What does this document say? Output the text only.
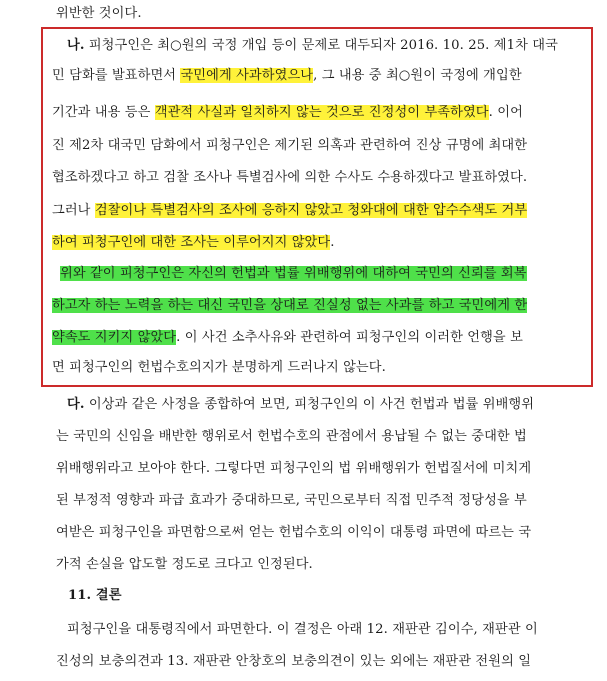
위반한 것이다.
나. 피청구인은 최○원의 국정 개입 등이 문제로 대두되자 2016. 10. 25. 제1차 대국
민 담화를 발표하면서 국민에게 사과하였으나, 그 내용 중 최○원이 국정에 개입한
기간과 내용 등은 객관적 사실과 일치하지 않는 것으로 진정성이 부족하였다. 이어
진 제2차 대국민 담화에서 피청구인은 제기된 의혹과 관련하여 진상 규명에 최대한
협조하겠다고 하고 검찰 조사나 특별검사에 의한 수사도 수용하겠다고 발표하였다.
그러나 검찰이나 특별검사의 조사에 응하지 않았고 청와대에 대한 압수수색도 거부
하여 피청구인에 대한 조사는 이루어지지 않았다.
위와 같이 피청구인은 자신의 헌법과 법률 위배행위에 대하여 국민의 신뢰를 회복
하고자 하는 노력을 하는 대신 국민을 상대로 진실성 없는 사과를 하고 국민에게 한
약속도 지키지 않았다. 이 사건 소추사유와 관련하여 피청구인의 이러한 언행을 보
면 피청구인의 헌법수호의지가 분명하게 드러나지 않는다.
다. 이상과 같은 사정을 종합하여 보면, 피청구인의 이 사건 헌법과 법률 위배행위
는 국민의 신임을 배반한 행위로서 헌법수호의 관점에서 용납될 수 없는 중대한 법
위배행위라고 보아야 한다. 그렇다면 피청구인의 법 위배행위가 헌법질서에 미치게
된 부정적 영향과 파급 효과가 중대하므로, 국민으로부터 직접 민주적 정당성을 부
여받은 피청구인을 파면함으로써 얻는 헌법수호의 이익이 대통령 파면에 따르는 국
가적 손실을 압도할 정도로 크다고 인정된다.
11. 결론
피청구인을 대통령직에서 파면한다. 이 결정은 아래 12. 재판관 김이수, 재판관 이
진성의 보충의견과 13. 재판관 안창호의 보충의견이 있는 외에는 재판관 전원의 일
